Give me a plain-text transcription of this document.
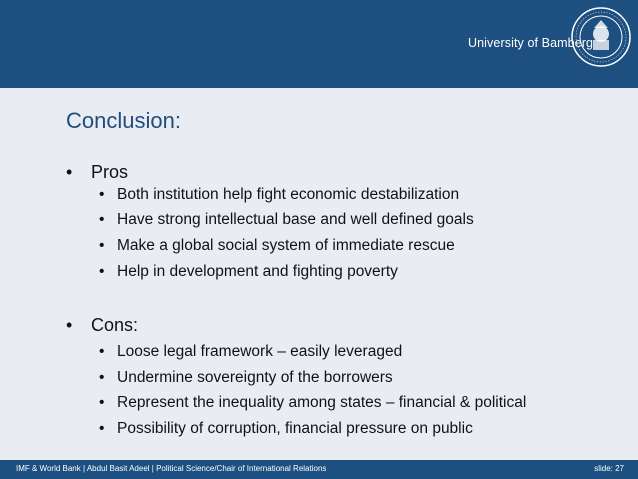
University of Bamberg
Conclusion:
• Pros
• Both institution help fight economic destabilization
• Have strong intellectual base and well defined goals
• Make a global social system of immediate rescue
• Help in development and fighting poverty
• Cons:
• Loose legal framework – easily leveraged
• Undermine sovereignty of the borrowers
• Represent the inequality among states – financial & political
• Possibility of corruption, financial pressure on public
IMF & World Bank | Abdul Basit Adeel | Political Science/Chair of International Relations	slide: 27
